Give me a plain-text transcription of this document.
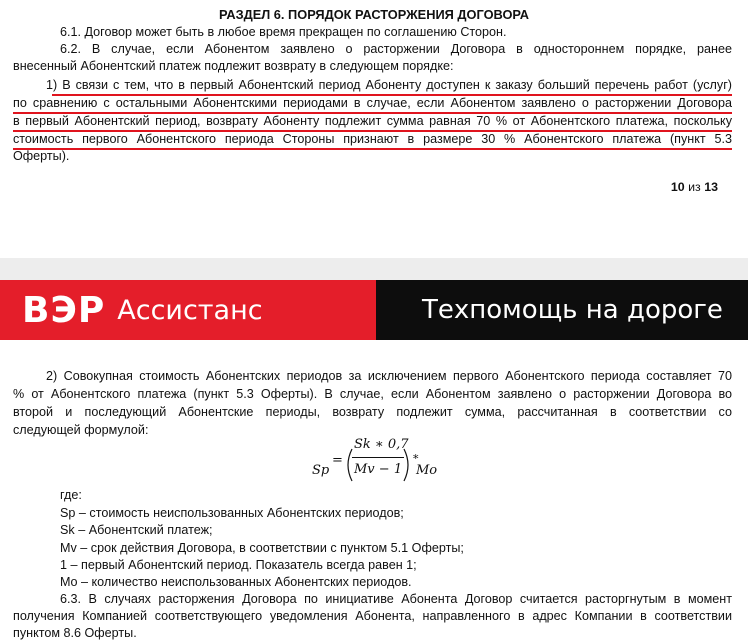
РАЗДЕЛ 6. ПОРЯДОК РАСТОРЖЕНИЯ ДОГОВОРА
6.1. Договор может быть в любое время прекращен по соглашению Сторон.
6.2. В случае, если Абонентом заявлено о расторжении Договора в одностороннем порядке, ранее
внесенный Абонентский платеж подлежит возврату в следующем порядке:
1) В связи с тем, что в первый Абонентский период Абоненту доступен к заказу больший перечень работ (услуг)
по сравнению с остальными Абонентскими периодами в случае, если Абонентом заявлено о расторжении Договора
в первый Абонентский период, возврату Абоненту подлежит сумма равная 70 % от Абонентского платежа, поскольку
стоимость первого Абонентского периода Стороны признают в размере 30 % Абонентского платежа (пункт 5.3
Оферты).
10 из 13
ВЭР Ассистанс	Техпомощь на дороге
2) Совокупная стоимость Абонентских периодов за исключением первого Абонентского периода составляет 70
% от Абонентского платежа (пункт 5.3 Оферты). В случае, если Абонентом заявлено о расторжении Договора во
второй и последующий Абонентские периоды, возврату подлежит сумма, рассчитанная в соответствии со
следующей формулой:
Sp
=
Sk ∗ 0,7
Mv − 1
∗
Mo
где:
Sp – стоимость неиспользованных Абонентских периодов;
Sk – Абонентский платеж;
Mv – срок действия Договора, в соответствии с пунктом 5.1 Оферты;
1 – первый Абонентский период. Показатель всегда равен 1;
Mo – количество неиспользованных Абонентских периодов.
6.3. В случаях расторжения Договора по инициативе Абонента Договор считается расторгнутым в момент
получения Компанией соответствующего уведомления Абонента, направленного в адрес Компании в соответствии
пунктом 8.6 Оферты.
